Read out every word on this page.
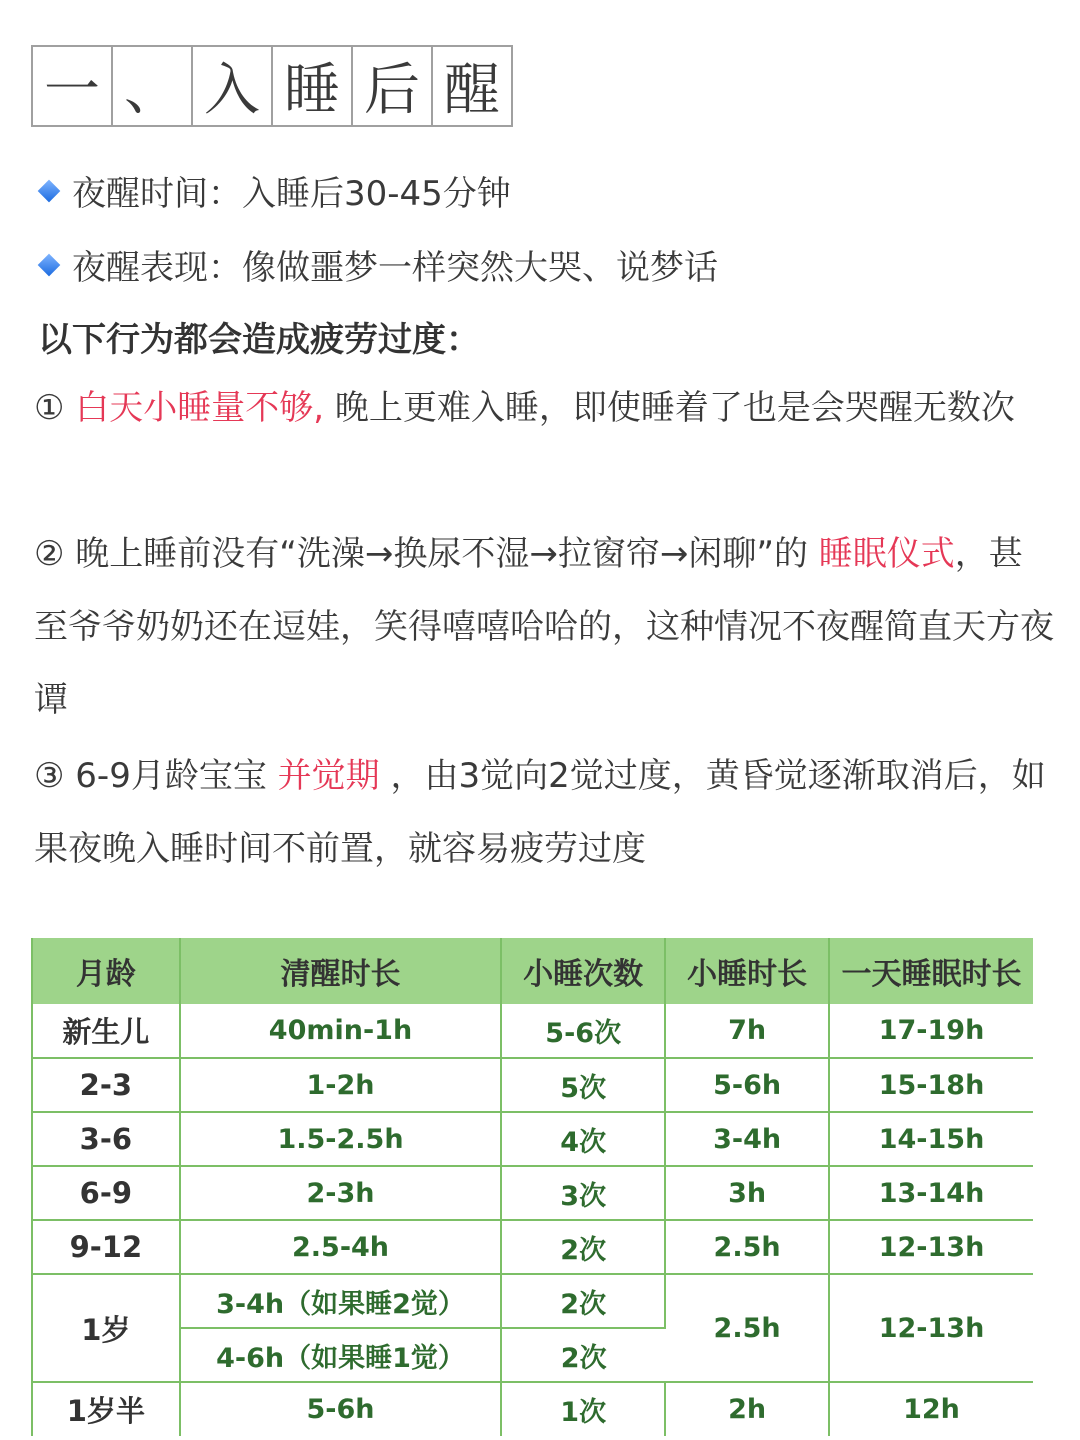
一 、 入 睡 后 醒
夜醒时间：入睡后30-45分钟
夜醒表现：像做噩梦一样突然大哭、说梦话
以下行为都会造成疲劳过度：
① 白天小睡量不够, 晚上更难入睡，即使睡着了也是会哭醒无数次
② 晚上睡前没有“洗澡→换尿不湿→拉窗帘→闲聊”的 睡眠仪式，甚至爷爷奶奶还在逗娃，笑得嘻嘻哈哈的，这种情况不夜醒简直天方夜谭
③ 6-9月龄宝宝 并觉期 ，由3觉向2觉过度，黄昏觉逐渐取消后，如果夜晚入睡时间不前置，就容易疲劳过度
月龄	清醒时长	小睡次数	小睡时长	一天睡眠时长
新生儿	40min-1h	5-6次	7h	17-19h
2-3	1-2h	5次	5-6h	15-18h
3-6	1.5-2.5h	4次	3-4h	14-15h
6-9	2-3h	3次	3h	13-14h
9-12	2.5-4h	2次	2.5h	12-13h
1岁	3-4h（如果睡2觉）	2次	2.5h	12-13h
	4-6h（如果睡1觉）	2次		
1岁半	5-6h	1次	2h	12h
